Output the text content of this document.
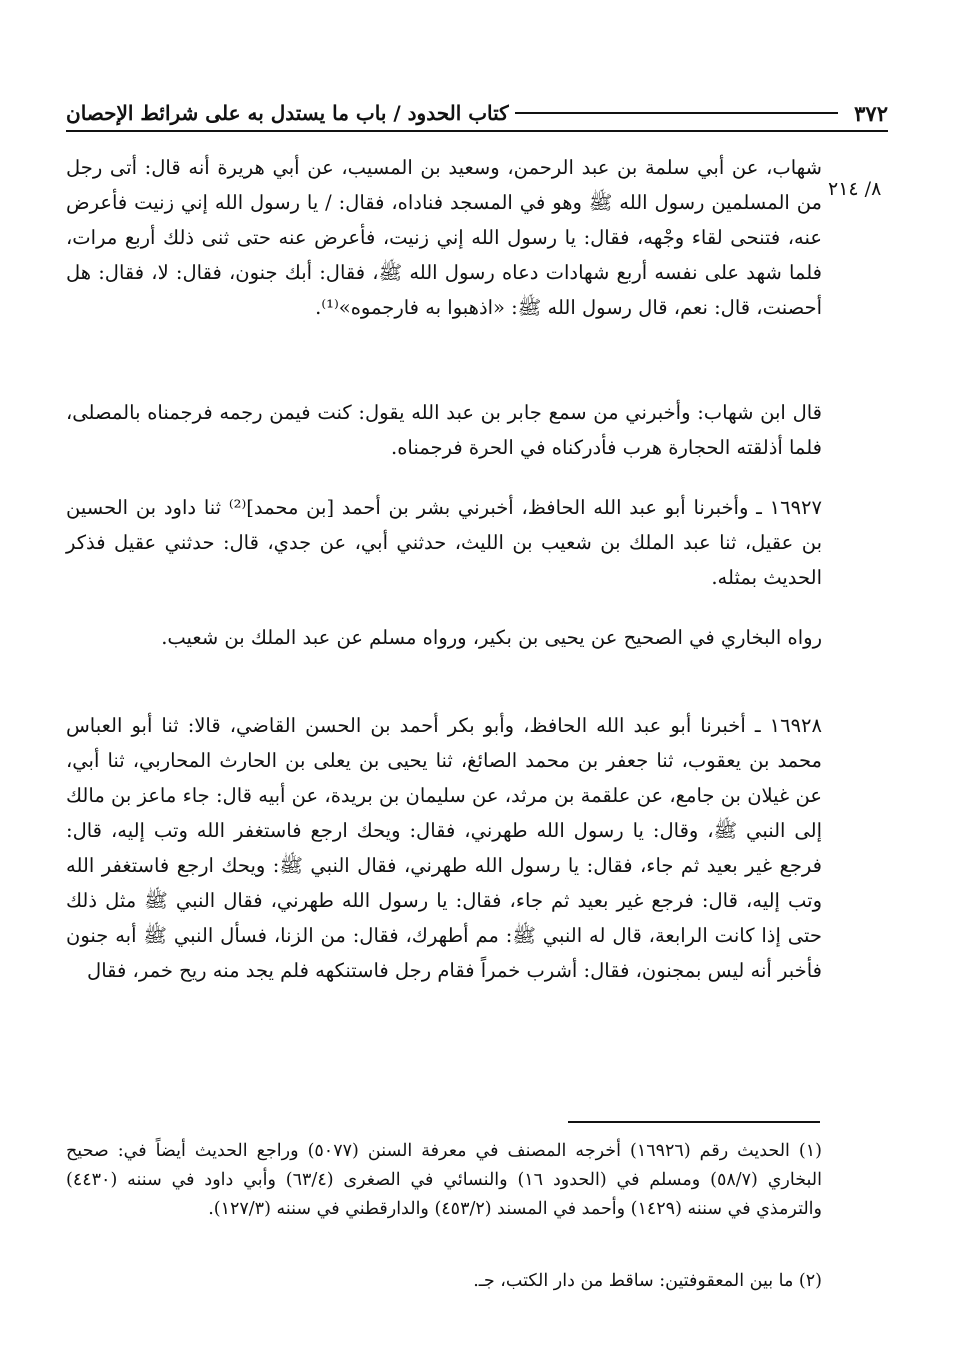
٣٧٢
كتاب الحدود / باب ما يستدل به على شرائط الإحصان
٨/ ٢١٤

شهاب، عن أبي سلمة بن عبد الرحمن، وسعيد بن المسيب، عن أبي هريرة أنه قال: أتى رجل من المسلمين رسول الله ﷺ وهو في المسجد فناداه، فقال: / يا رسول الله إني زنيت فأعرض عنه، فتنحى لقاء وجْهه، فقال: يا رسول الله إني زنيت، فأعرض عنه حتى ثنى ذلك أربع مرات، فلما شهد على نفسه أربع شهادات دعاه رسول الله ﷺ، فقال: أبك جنون، فقال: لا، فقال: هل أحصنت، قال: نعم، قال رسول الله ﷺ: «اذهبوا به فارجموه»⁽¹⁾.

قال ابن شهاب: وأخبرني من سمع جابر بن عبد الله يقول: كنت فيمن رجمه فرجمناه بالمصلى، فلما أذلقته الحجارة هرب فأدركناه في الحرة فرجمناه.

١٦٩٢٧ ـ وأخبرنا أبو عبد الله الحافظ، أخبرني بشر بن أحمد [بن محمد]⁽²⁾ ثنا داود بن الحسين بن عقيل، ثنا عبد الملك بن شعيب بن الليث، حدثني أبي، عن جدي، قال: حدثني عقيل فذكر الحديث بمثله.

رواه البخاري في الصحيح عن يحيى بن بكير، ورواه مسلم عن عبد الملك بن شعيب.

١٦٩٢٨ ـ أخبرنا أبو عبد الله الحافظ، وأبو بكر أحمد بن الحسن القاضي، قالا: ثنا أبو العباس محمد بن يعقوب، ثنا جعفر بن محمد الصائغ، ثنا يحيى بن يعلى بن الحارث المحاربي، ثنا أبي، عن غيلان بن جامع، عن علقمة بن مرثد، عن سليمان بن بريدة، عن أبيه قال: جاء ماعز بن مالك إلى النبي ﷺ، وقال: يا رسول الله طهرني، فقال: ويحك ارجع فاستغفر الله وتب إليه، قال: فرجع غير بعيد ثم جاء، فقال: يا رسول الله طهرني، فقال النبي ﷺ: ويحك ارجع فاستغفر الله وتب إليه، قال: فرجع غير بعيد ثم جاء، فقال: يا رسول الله طهرني، فقال النبي ﷺ مثل ذلك حتى إذا كانت الرابعة، قال له النبي ﷺ: مم أطهرك، فقال: من الزنا، فسأل النبي ﷺ أبه جنون فأخبر أنه ليس بمجنون، فقال: أشرب خمراً فقام رجل فاستنكهه فلم يجد منه ريح خمر، فقال

(١) الحديث رقم (١٦٩٢٦) أخرجه المصنف في معرفة السنن (٥٠٧٧) وراجع الحديث أيضاً في: صحيح البخاري (٥٨/٧) ومسلم في (الحدود ١٦) والنسائي في الصغرى (٦٣/٤) وأبي داود في سننه (٤٤٣٠) والترمذي في سننه (١٤٢٩) وأحمد في المسند (٤٥٣/٢) والدارقطني في سننه (١٢٧/٣).

(٢) ما بين المعقوفتين: ساقط من دار الكتب، جـ.
